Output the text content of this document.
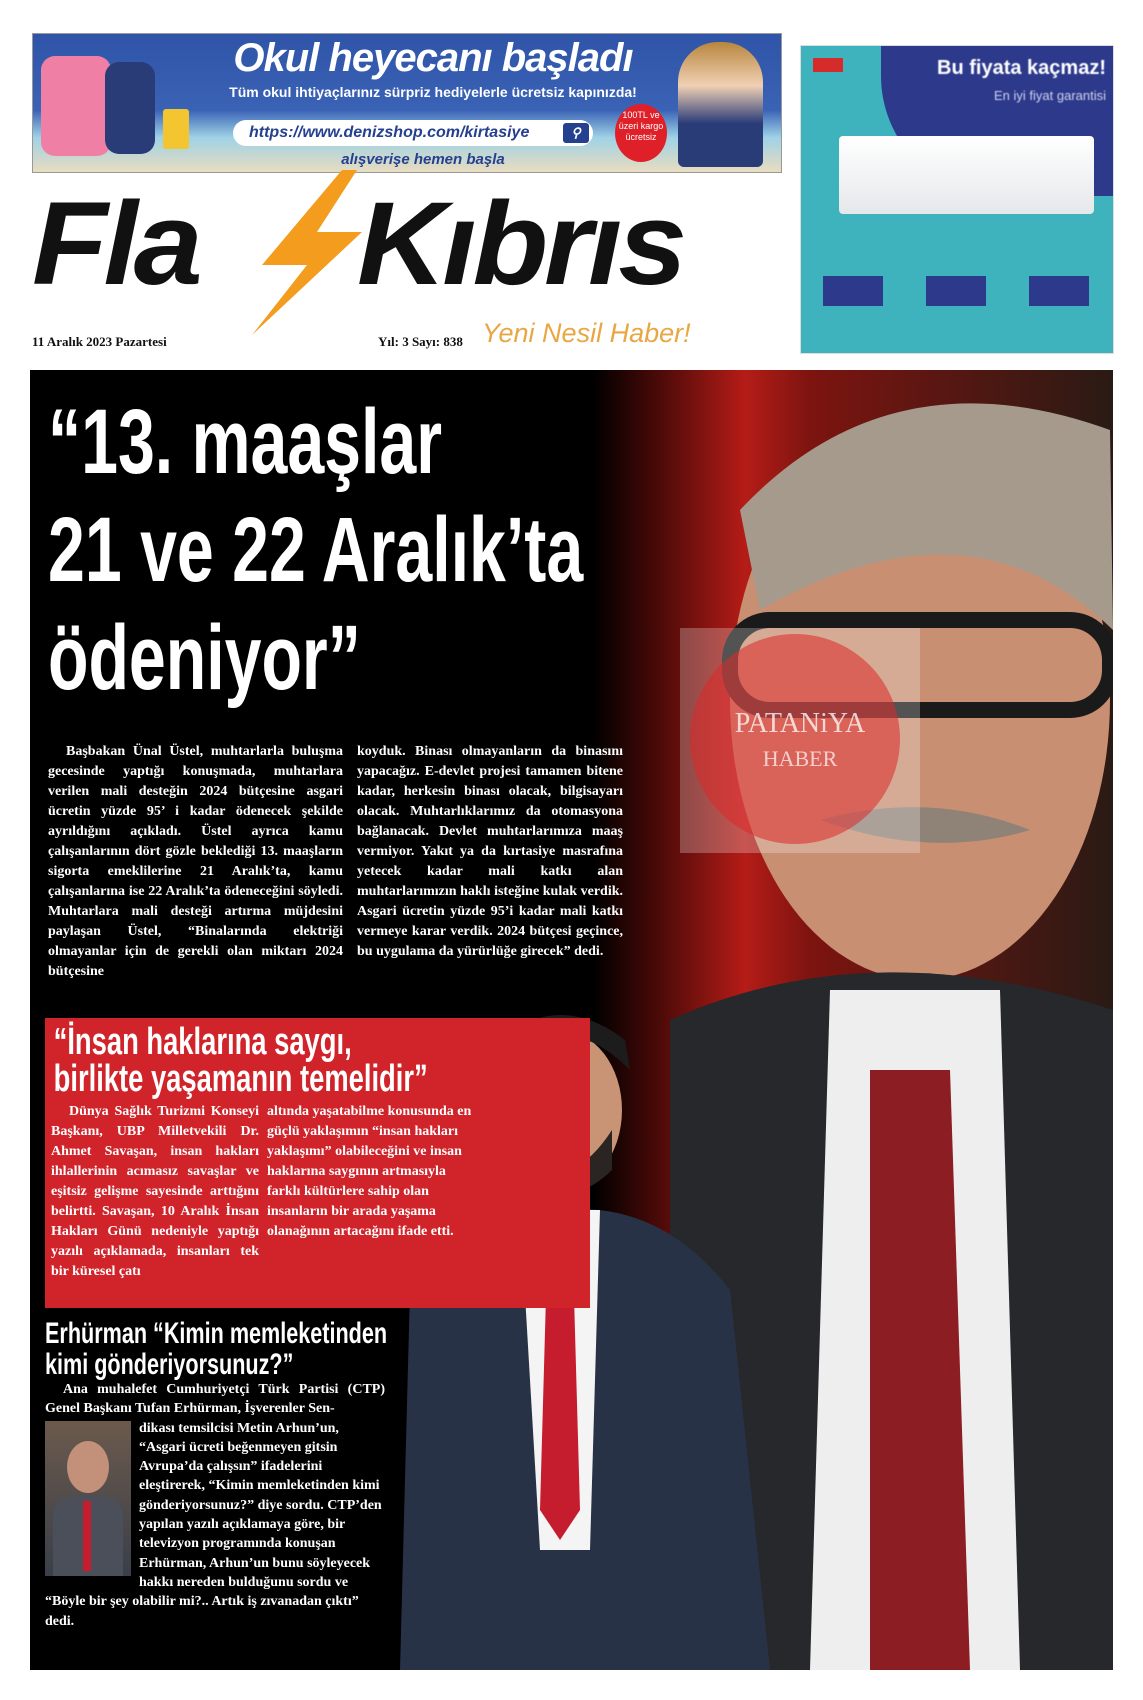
Okul heyecanı başladı
Tüm okul ihtiyaçlarınız sürpriz hediyelerle ücretsiz kapınızda!
https://www.denizshop.com/kirtasiye	⚲
alışverişe hemen başla
100TL ve üzeri kargo ücretsiz
Bu fiyata kaçmaz!
En iyi fiyat garantisi
Fla Kıbrıs
11 Aralık 2023 Pazartesi	Yıl: 3 Sayı: 838 Yeni Nesil Haber!
PATANiYA
HABER
“13. maaşlar
21 ve 22 Aralık’ta
ödeniyor”

Başbakan Ünal Üstel, muhtarlarla buluşma gecesinde yaptığı konuşmada, muhtarlara verilen mali desteğin 2024 bütçesine asgari ücretin yüzde 95’ i kadar ödenecek şekilde ayrıldığını açıkladı. Üstel ayrıca kamu çalışanlarının dört gözle beklediği 13. maaşların sigorta emeklilerine 21 Aralık’ta, kamu çalışanlarına ise 22 Aralık’ta ödeneceğini söyledi. Muhtarlara mali desteği artırma müjdesini paylaşan Üstel, “Binalarında elektriği olmayanlar için de gerekli olan miktarı 2024 bütçesine

koyduk. Binası olmayanların da binasını yapacağız. E-devlet projesi tamamen bitene kadar, herkesin binası olacak, bilgisayarı olacak. Muhtarlıklarımız da otomasyona bağlanacak. Devlet muhtarlarımıza maaş vermiyor. Yakıt ya da kırtasiye masrafına yetecek kadar mali katkı alan muhtarlarımızın haklı isteğine kulak verdik. Asgari ücretin yüzde 95’i kadar mali katkı vermeye karar verdik. 2024 bütçesi geçince, bu uygulama da yürürlüğe girecek” dedi.

“İnsan haklarına saygı,
birlikte yaşamanın temelidir”

Dünya Sağlık Turizmi Konseyi Başkanı, UBP Milletvekili Dr. Ahmet Savaşan, insan hakları ihlallerinin acımasız savaşlar ve eşitsiz gelişme sayesinde arttığını belirtti. Savaşan, 10 Aralık İnsan Hakları Günü nedeniyle yaptığı yazılı açıklamada, insanları tek bir küresel çatı

altında yaşatabilme konusunda en güçlü yaklaşımın “insan hakları yaklaşımı” olabileceğini ve insan haklarına saygının artmasıyla farklı kültürlere sahip olan insanların bir arada yaşama olanağının artacağını ifade etti.

Erhürman “Kimin memleketinden
kimi gönderiyorsunuz?”

Ana muhalefet Cumhuriyetçi Türk Partisi (CTP) Genel Başkanı Tufan Erhürman, İşverenler Sen-

dikası temsilcisi Metin Arhun’un, “Asgari ücreti beğenmeyen gitsin Avrupa’da çalışsın” ifadelerini eleştirerek, “Kimin memleketinden kimi gönderiyorsunuz?” diye sordu. CTP’den yapılan yazılı açıklamaya göre, bir televizyon programında konuşan Erhürman, Arhun’un bunu söyleyecek hakkı nereden bulduğunu sordu ve “Böyle bir şey olabilir mi?.. Artık iş zıvanadan çıktı” dedi.
